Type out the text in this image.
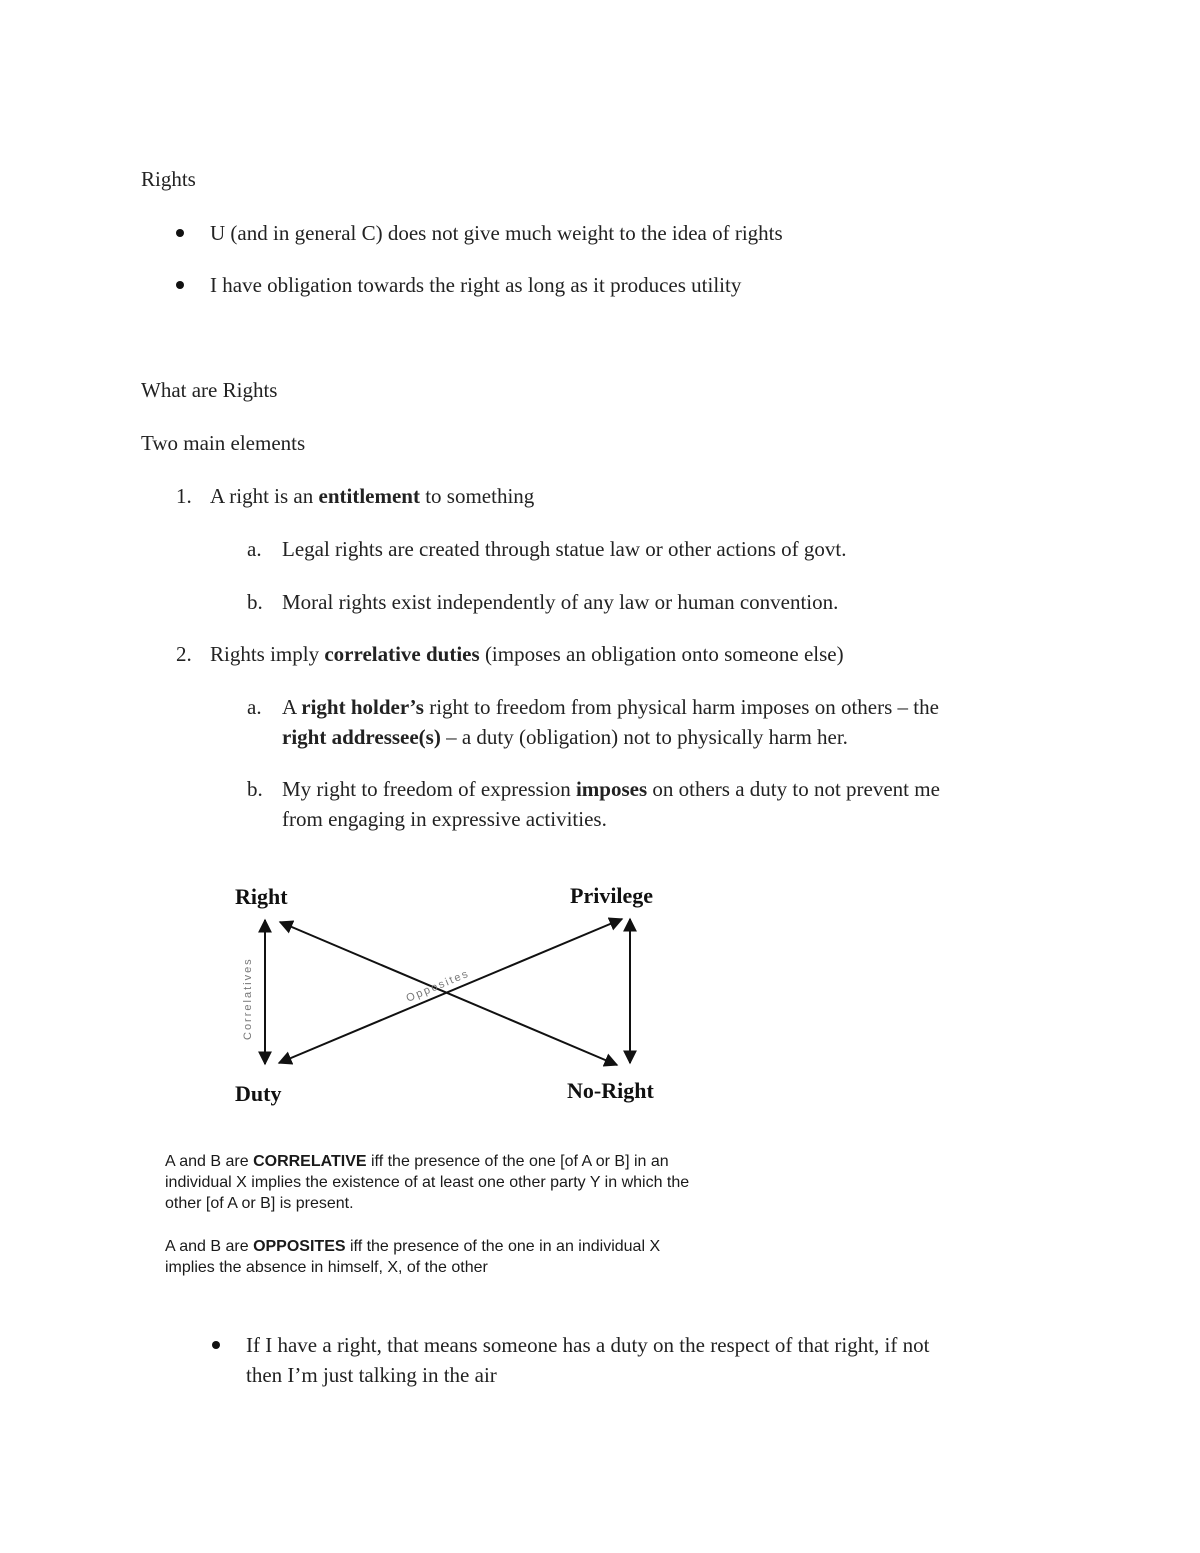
Rights
U (and in general C) does not give much weight to the idea of rights
I have obligation towards the right as long as it produces utility
What are Rights
Two main elements
1. A right is an entitlement to something
a. Legal rights are created through statue law or other actions of govt.
b. Moral rights exist independently of any law or human convention.
2. Rights imply correlative duties (imposes an obligation onto someone else)
a. A right holder’s right to freedom from physical harm imposes on others – the
right addressee(s) – a duty (obligation) not to physically harm her.
b. My right to freedom of expression imposes on others a duty to not prevent me
from engaging in expressive activities.
Right	Privilege
Duty	No-Right
Correlatives	Opposites
A and B are CORRELATIVE iff the presence of the one [of A or B] in an
individual X implies the existence of at least one other party Y in which the
other [of A or B] is present.
A and B are OPPOSITES iff the presence of the one in an individual X
implies the absence in himself, X, of the other
If I have a right, that means someone has a duty on the respect of that right, if not
then I’m just talking in the air
